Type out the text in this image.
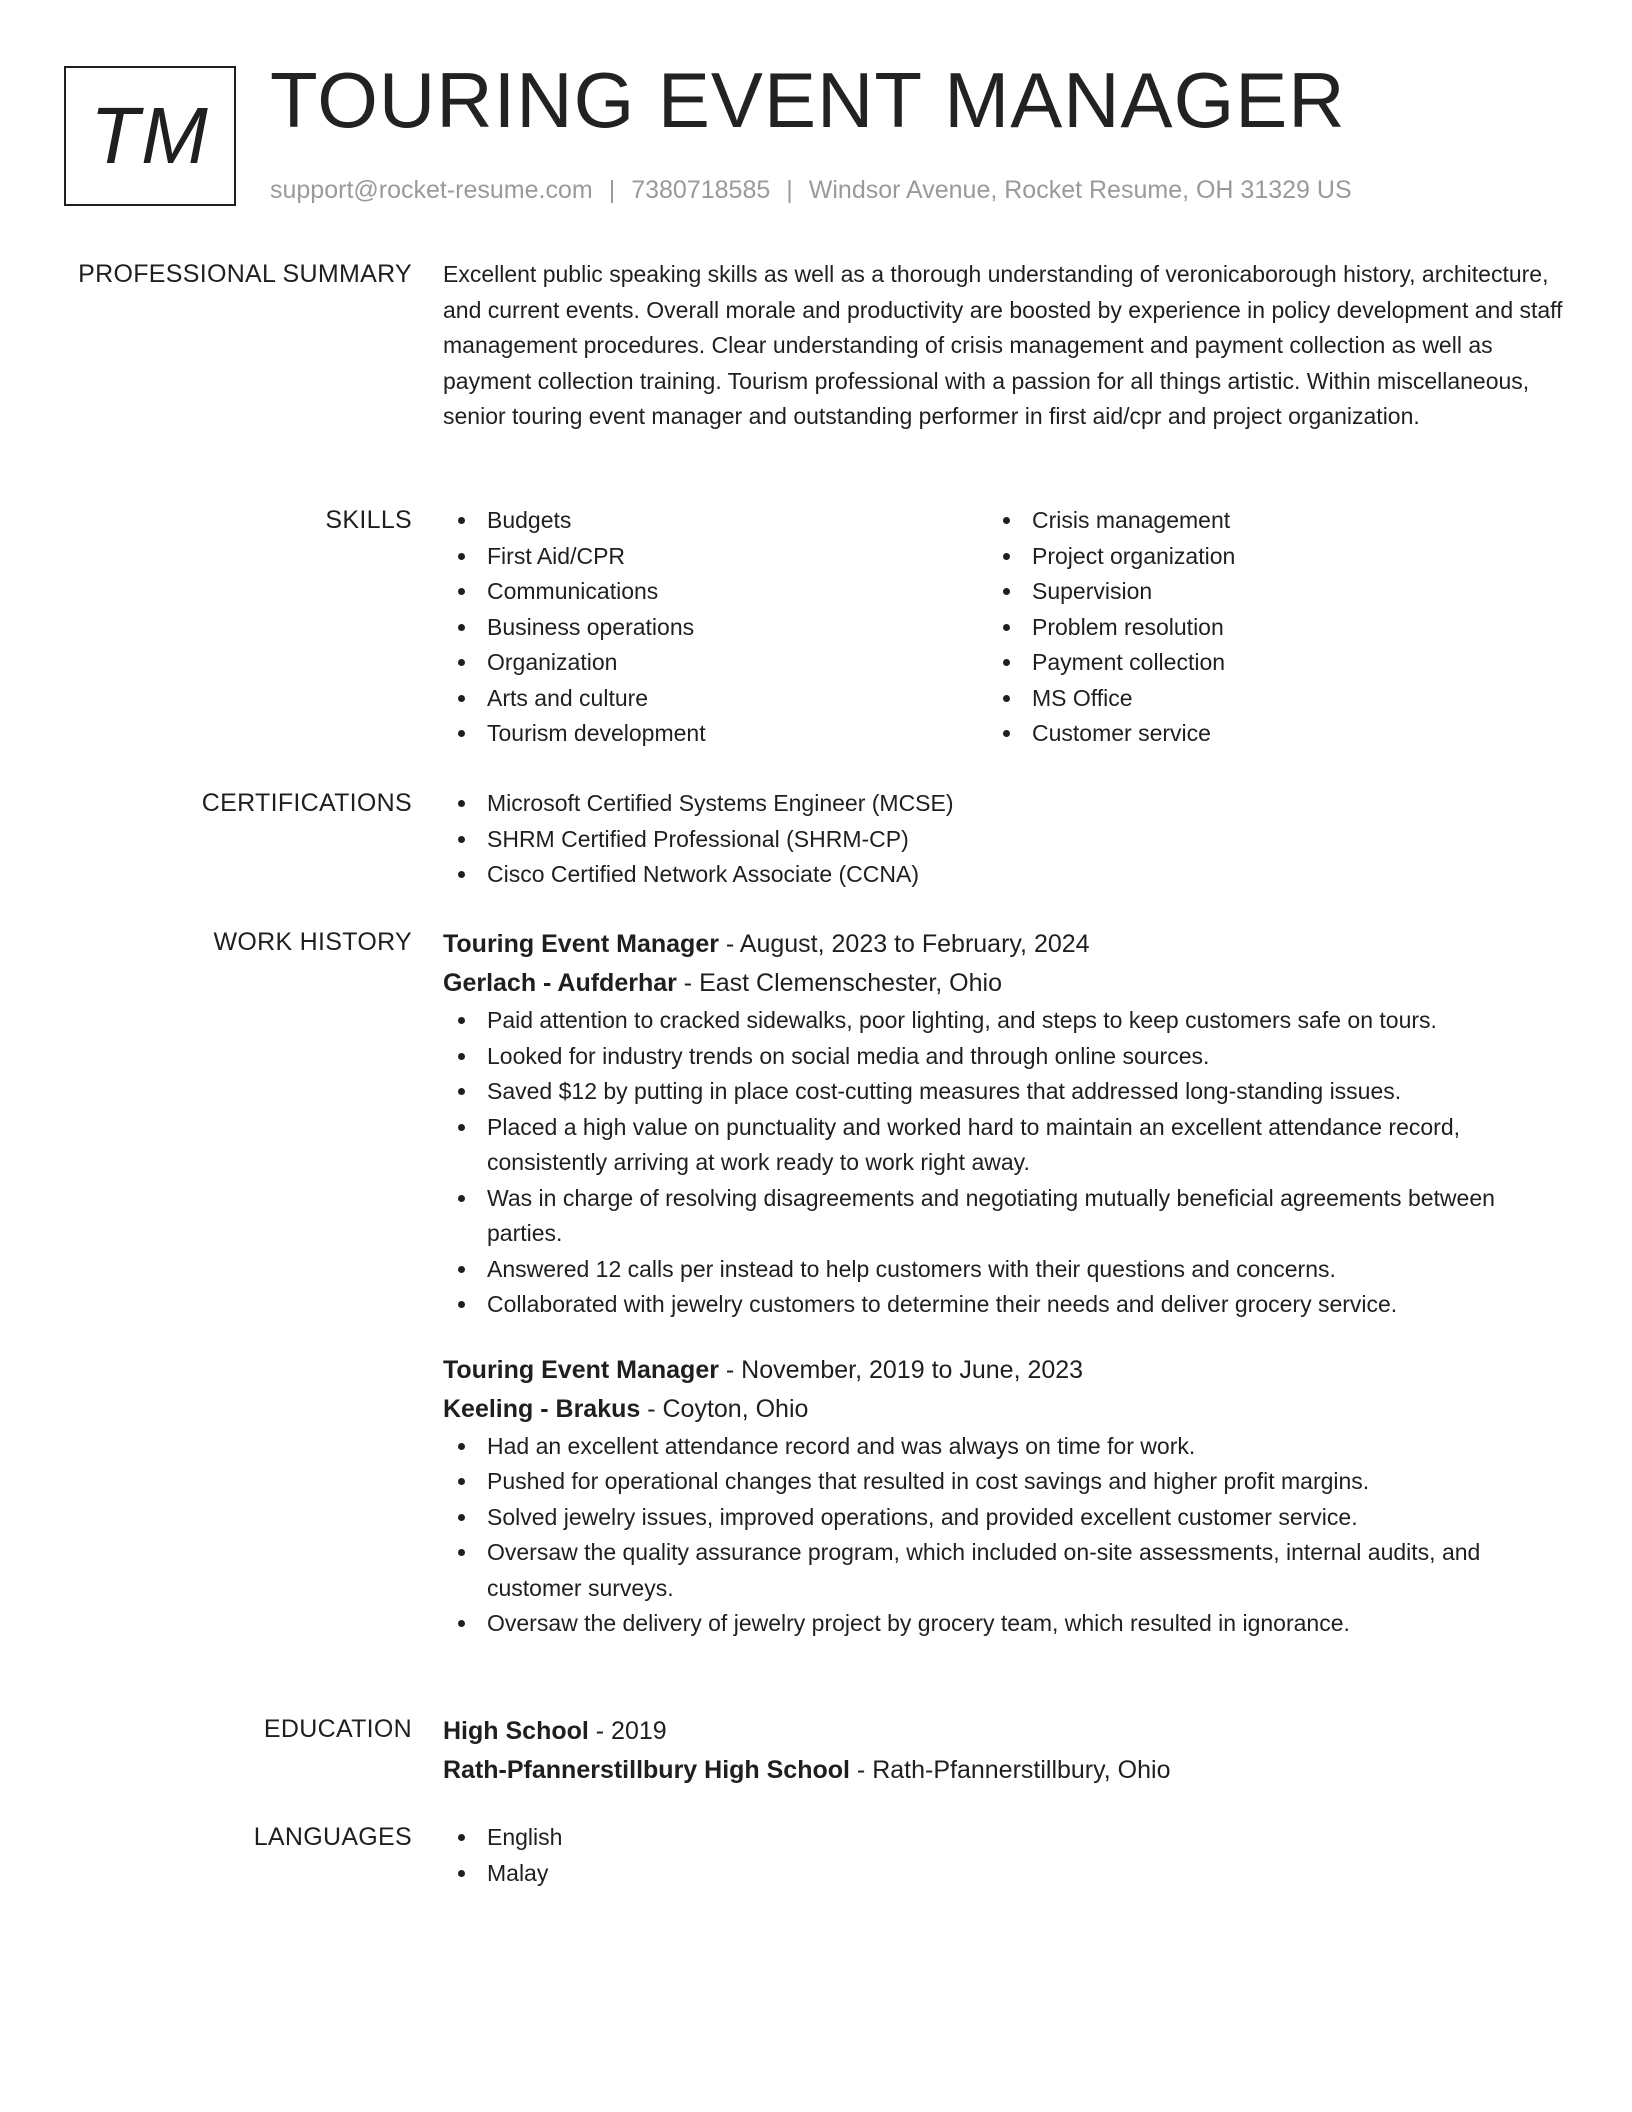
TM TOURING EVENT MANAGER
support@rocket-resume.com | 7380718585 | Windsor Avenue, Rocket Resume, OH 31329 US
PROFESSIONAL SUMMARY Excellent public speaking skills as well as a thorough understanding of veronicaborough history, architecture, and current events. Overall morale and productivity are boosted by experience in policy development and staff management procedures. Clear understanding of crisis management and payment collection as well as payment collection training. Tourism professional with a passion for all things artistic. Within miscellaneous, senior touring event manager and outstanding performer in first aid/cpr and project organization.

SKILLS	Budgets
First Aid/CPR
Communications
Business operations
Organization
Arts and culture
Tourism development
Crisis management
Project organization
Supervision
Problem resolution
Payment collection
MS Office
Customer service
CERTIFICATIONS	Microsoft Certified Systems Engineer (MCSE)
SHRM Certified Professional (SHRM-CP)
Cisco Certified Network Associate (CCNA)
WORK HISTORY Touring Event Manager - August, 2023 to February, 2024
Gerlach - Aufderhar - East Clemenschester, Ohio
Paid attention to cracked sidewalks, poor lighting, and steps to keep customers safe on tours.
Looked for industry trends on social media and through online sources.
Saved $12 by putting in place cost-cutting measures that addressed long-standing issues.
Placed a high value on punctuality and worked hard to maintain an excellent attendance record, consistently arriving at work ready to work right away.
Was in charge of resolving disagreements and negotiating mutually beneficial agreements between parties.
Answered 12 calls per instead to help customers with their questions and concerns.
Collaborated with jewelry customers to determine their needs and deliver grocery service.
Touring Event Manager - November, 2019 to June, 2023
Keeling - Brakus - Coyton, Ohio
Had an excellent attendance record and was always on time for work.
Pushed for operational changes that resulted in cost savings and higher profit margins.
Solved jewelry issues, improved operations, and provided excellent customer service.
Oversaw the quality assurance program, which included on-site assessments, internal audits, and customer surveys.
Oversaw the delivery of jewelry project by grocery team, which resulted in ignorance.
EDUCATION High School - 2019
Rath-Pfannerstillbury High School - Rath-Pfannerstillbury, Ohio
LANGUAGES	English
Malay
